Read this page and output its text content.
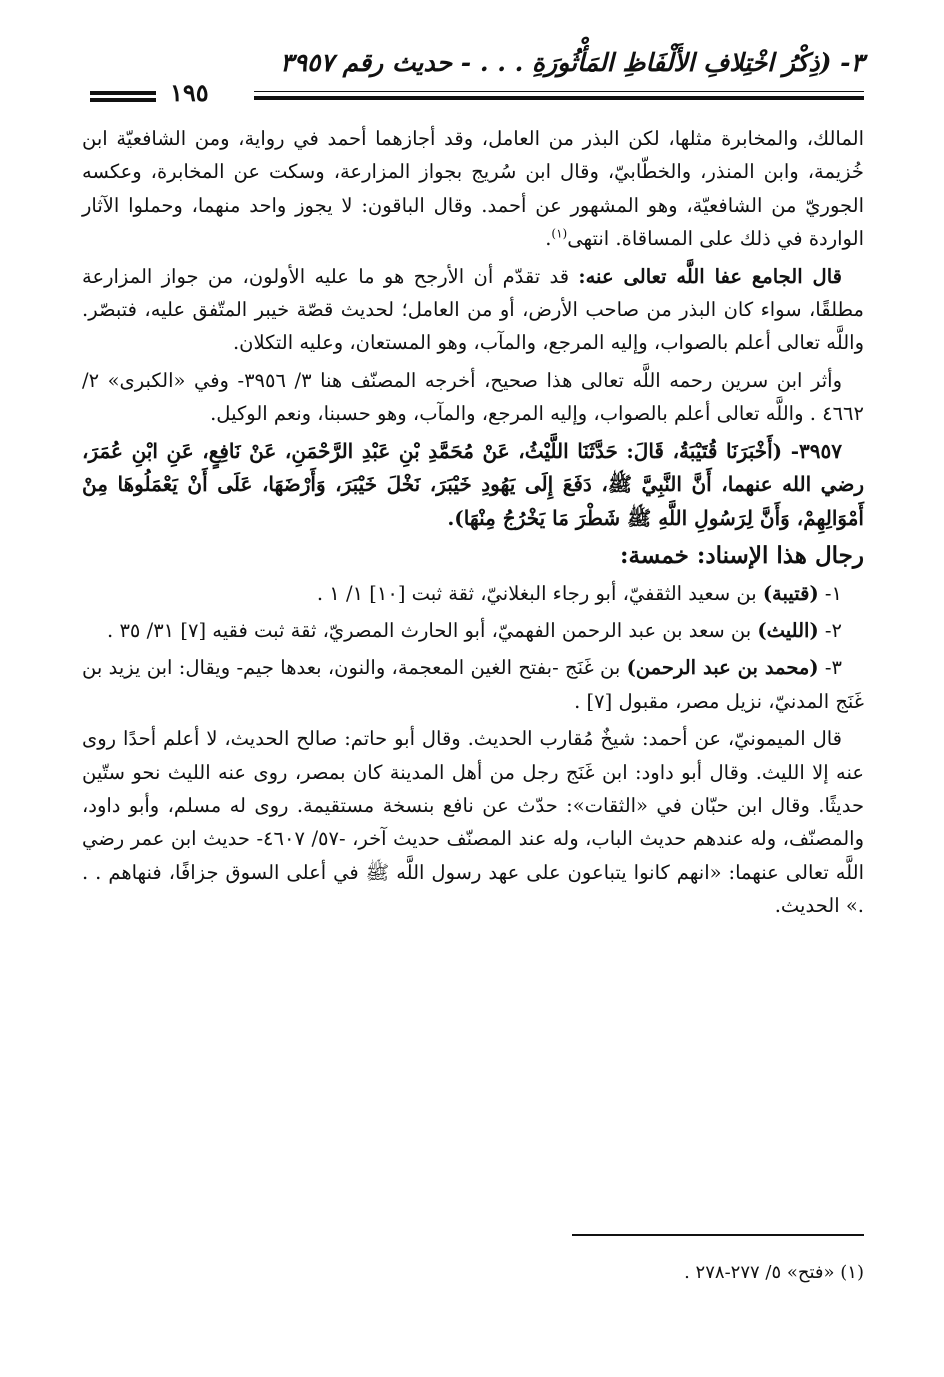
٣- (ذِكْرُ اخْتِلافِ الأَلْفَاظِ المَأْثُورَةِ . . . - حديث رقم ٣٩٥٧
١٩٥

المالك، والمخابرة مثلها، لكن البذر من العامل، وقد أجازهما أحمد في رواية، ومن الشافعيّة ابن خُزيمة، وابن المنذر، والخطّابيّ، وقال ابن سُريج بجواز المزارعة، وسكت عن المخابرة، وعكسه الجوريّ من الشافعيّة، وهو المشهور عن أحمد. وقال الباقون: لا يجوز واحد منهما، وحملوا الآثار الواردة في ذلك على المساقاة. انتهى$^{(١)}$.

قال الجامع عفا اللَّه تعالى عنه: قد تقدّم أن الأرجح هو ما عليه الأولون، من جواز المزارعة مطلقًا، سواء كان البذر من صاحب الأرض، أو من العامل؛ لحديث قصّة خيبر المتّفق عليه، فتبصّر. واللَّه تعالى أعلم بالصواب، وإليه المرجع، والمآب، وهو المستعان، وعليه التكلان.

وأثر ابن سرين رحمه اللَّه تعالى هذا صحيح، أخرجه المصنّف هنا ٣/ ٣٩٥٦- وفي «الكبرى» ٢/ ٤٦٦٢ . واللَّه تعالى أعلم بالصواب، وإليه المرجع، والمآب، وهو حسبنا، ونعم الوكيل.

٣٩٥٧- (أَخْبَرَنَا قُتَيْبَةُ، قَالَ: حَدَّثَنَا اللَّيْثُ، عَنْ مُحَمَّدِ بْنِ عَبْدِ الرَّحْمَنِ، عَنْ نَافِعٍ، عَنِ ابْنِ عُمَرَ، رضي الله عنهما، أَنَّ النَّبِيَّ ﷺ، دَفَعَ إِلَى يَهُودِ خَيْبَرَ، نَخْلَ خَيْبَرَ، وَأَرْضَهَا، عَلَى أَنْ يَعْمَلُوهَا مِنْ أَمْوَالِهِمْ، وَأَنَّ لِرَسُولِ اللَّهِ ﷺ شَطْرَ مَا يَخْرُجُ مِنْهَا).

رجال هذا الإسناد: خمسة:

١- (قتيبة) بن سعيد الثقفيّ، أبو رجاء البغلانيّ، ثقة ثبت [١٠] ١/ ١ .

٢- (الليث) بن سعد بن عبد الرحمن الفهميّ، أبو الحارث المصريّ، ثقة ثبت فقيه [٧] ٣١/ ٣٥ .

٣- (محمد بن عبد الرحمن) بن غَنَج -بفتح الغين المعجمة، والنون، بعدها جيم- ويقال: ابن يزيد بن غَنَج المدنيّ، نزيل مصر، مقبول [٧] .

قال الميمونيّ، عن أحمد: شيخٌ مُقارب الحديث. وقال أبو حاتم: صالح الحديث، لا أعلم أحدًا روى عنه إلا الليث. وقال أبو داود: ابن غَنَج رجل من أهل المدينة كان بمصر، روى عنه الليث نحو ستّين حديثًا. وقال ابن حبّان في «الثقات»: حدّث عن نافع بنسخة مستقيمة. روى له مسلم، وأبو داود، والمصنّف، وله عندهم حديث الباب، وله عند المصنّف حديث آخر، -٥٧/ ٤٦٠٧- حديث ابن عمر رضي اللَّه تعالى عنهما: «انهم كانوا يتباعون على عهد رسول اللَّه ﷺ في أعلى السوق جزافًا، فنهاهم . . .» الحديث.

(١) «فتح» ٥/ ٢٧٧-٢٧٨ .
